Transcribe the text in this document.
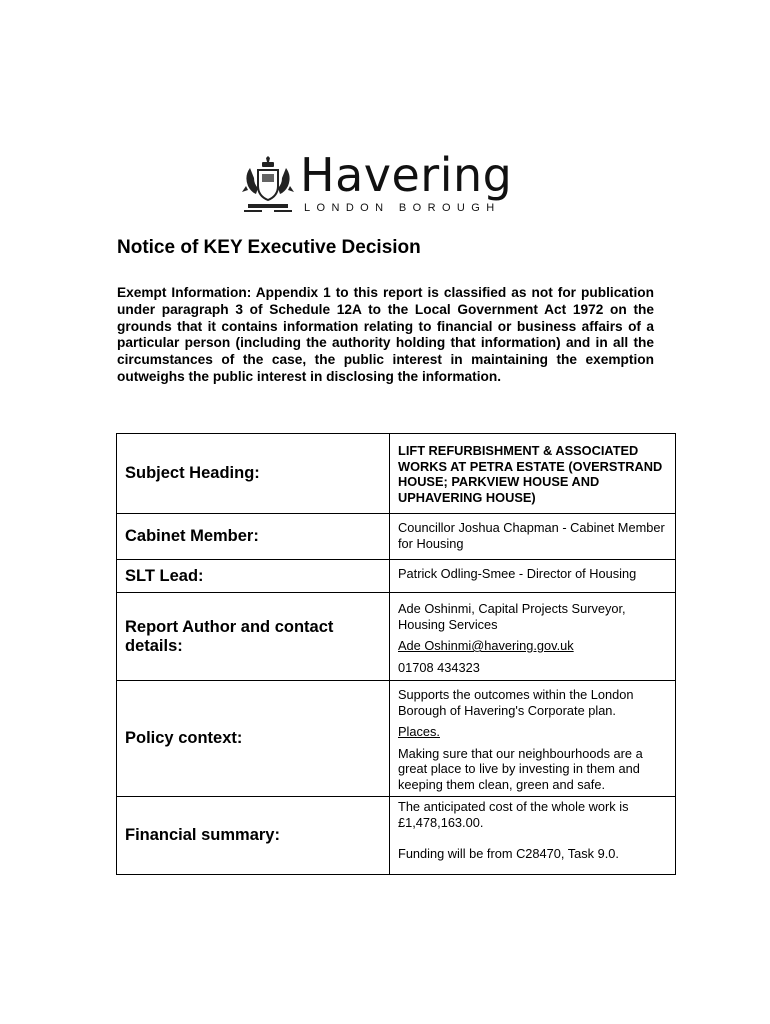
Havering
LONDON BOROUGH
Notice of KEY Executive Decision
Exempt Information: Appendix 1 to this report is classified as not for publication under paragraph 3 of Schedule 12A to the Local Government Act 1972 on the grounds that it contains information relating to financial or business affairs of a particular person (including the authority holding that information) and in all the circumstances of the case, the public interest in maintaining the exemption outweighs the public interest in disclosing the information.
Subject Heading:	LIFT REFURBISHMENT & ASSOCIATED WORKS AT PETRA ESTATE (OVERSTRAND HOUSE; PARKVIEW HOUSE AND UPHAVERING HOUSE)

Cabinet Member:	Councillor Joshua Chapman - Cabinet Member for Housing

SLT Lead:	Patrick Odling-Smee - Director of Housing

Report Author and contact details:	Ade Oshinmi, Capital Projects Surveyor, Housing Services

Ade Oshinmi@havering.gov.uk

01708 434323

Policy context:	Supports the outcomes within the London Borough of Havering's Corporate plan.

Places.

Making sure that our neighbourhoods are a great place to live by investing in them and keeping them clean, green and safe.

Financial summary:	The anticipated cost of the whole work is £1,478,163.00.

Funding will be from C28470, Task 9.0.
